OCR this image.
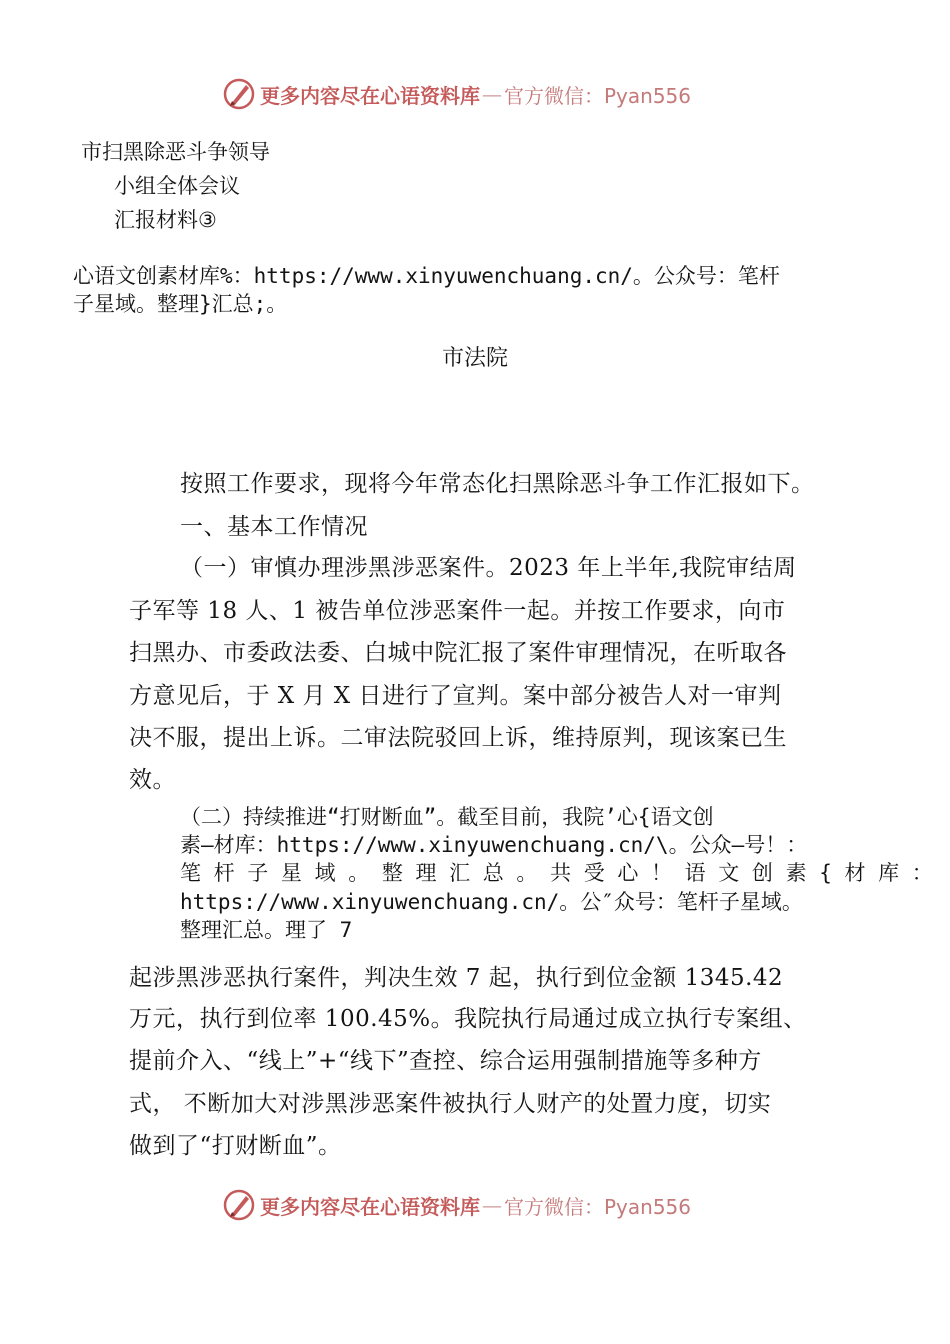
更多内容尽在心语资料库 — 官方微信：Pyan556
市扫黑除恶斗争领导
小组全体会议
汇报材料③
心语文创素材库%：https://www.xinyuwenchuang.cn/。公众号：笔杆
子星域。整理}汇总;。
市法院
按照工作要求，现将今年常态化扫黑除恶斗争工作汇报如下。
一、基本工作情况
（一）审慎办理涉黑涉恶案件。2023 年上半年,我院审结周
子军等 18 人、1 被告单位涉恶案件一起。并按工作要求，向市
扫黑办、市委政法委、白城中院汇报了案件审理情况，在听取各
方意见后，于 X 月 X 日进行了宣判。案中部分被告人对一审判
决不服，提出上诉。二审法院驳回上诉，维持原判，现该案已生
效。
（二）持续推进“打财断血”。截至目前，我院’心{语文创
素—材库：https://www.xinyuwenchuang.cn/\。公众—号！：
笔 杆 子 星 域 。 整 理 汇 总 。 共 受 心 ！ 语 文 创 素 { 材 库 ：
https://www.xinyuwenchuang.cn/。公″众号：笔杆子星域。
整理汇总。理了 7
起涉黑涉恶执行案件，判决生效 7 起，执行到位金额 1345.42
万元，执行到位率 100.45%。我院执行局通过成立执行专案组、
提前介入、“线上”+“线下”查控、综合运用强制措施等多种方
式， 不断加大对涉黑涉恶案件被执行人财产的处置力度，切实
做到了“打财断血”。
更多内容尽在心语资料库 — 官方微信：Pyan556
